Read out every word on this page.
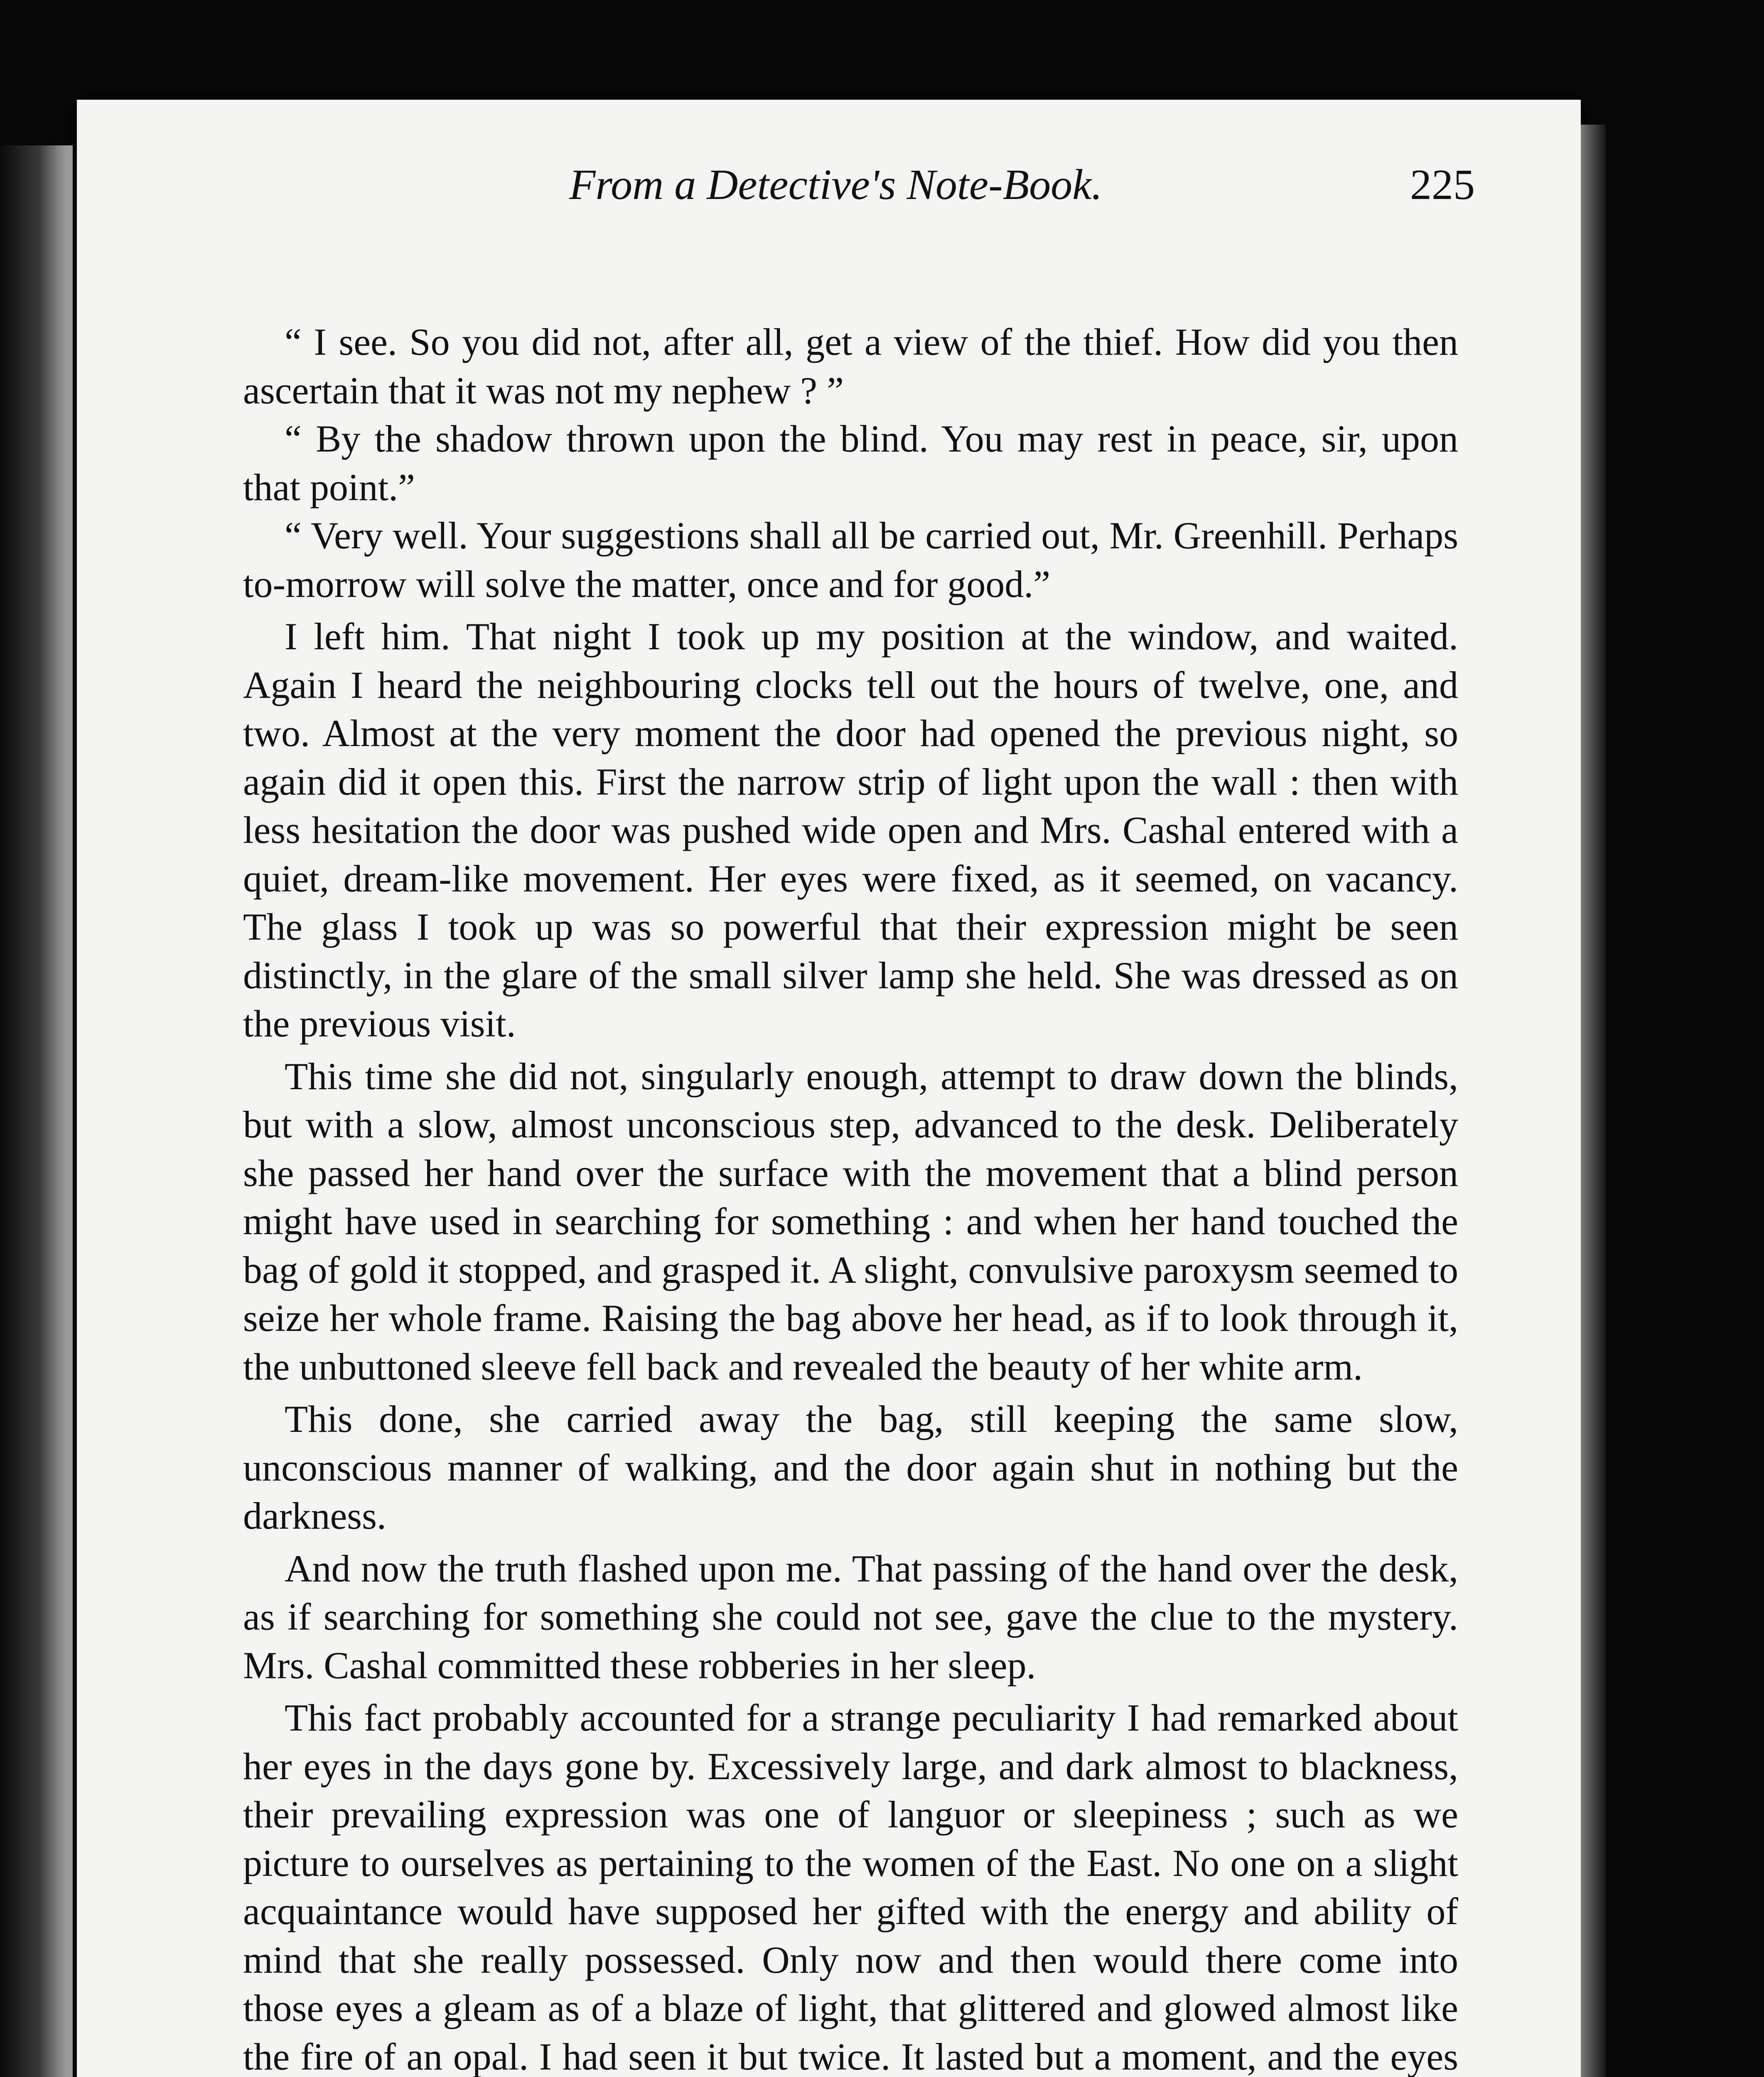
From a Detective's Note-Book.	225

“ I see. So you did not, after all, get a view of the thief. How did you then ascertain that it was not my nephew ? ”

“ By the shadow thrown upon the blind. You may rest in peace, sir, upon that point.”

“ Very well. Your suggestions shall all be carried out, Mr. Greenhill. Perhaps to-morrow will solve the matter, once and for good.”

I left him. That night I took up my position at the window, and waited. Again I heard the neighbouring clocks tell out the hours of twelve, one, and two. Almost at the very moment the door had opened the previous night, so again did it open this. First the narrow strip of light upon the wall : then with less hesitation the door was pushed wide open and Mrs. Cashal entered with a quiet, dream-like movement. Her eyes were fixed, as it seemed, on vacancy. The glass I took up was so powerful that their expression might be seen distinctly, in the glare of the small silver lamp she held. She was dressed as on the previous visit.

This time she did not, singularly enough, attempt to draw down the blinds, but with a slow, almost unconscious step, advanced to the desk. Deliberately she passed her hand over the surface with the movement that a blind person might have used in searching for something : and when her hand touched the bag of gold it stopped, and grasped it. A slight, convulsive paroxysm seemed to seize her whole frame. Raising the bag above her head, as if to look through it, the unbuttoned sleeve fell back and revealed the beauty of her white arm.

This done, she carried away the bag, still keeping the same slow, unconscious manner of walking, and the door again shut in nothing but the darkness.

And now the truth flashed upon me. That passing of the hand over the desk, as if searching for something she could not see, gave the clue to the mystery. Mrs. Cashal committed these robberies in her sleep.

This fact probably accounted for a strange peculiarity I had remarked about her eyes in the days gone by. Excessively large, and dark almost to blackness, their prevailing expression was one of languor or sleepiness ; such as we picture to ourselves as pertaining to the women of the East. No one on a slight acquaintance would have supposed her gifted with the energy and ability of mind that she really possessed. Only now and then would there come into those eyes a gleam as of a blaze of light, that glittered and glowed almost like the fire of an opal. I had seen it but twice. It lasted but a moment, and the eyes
